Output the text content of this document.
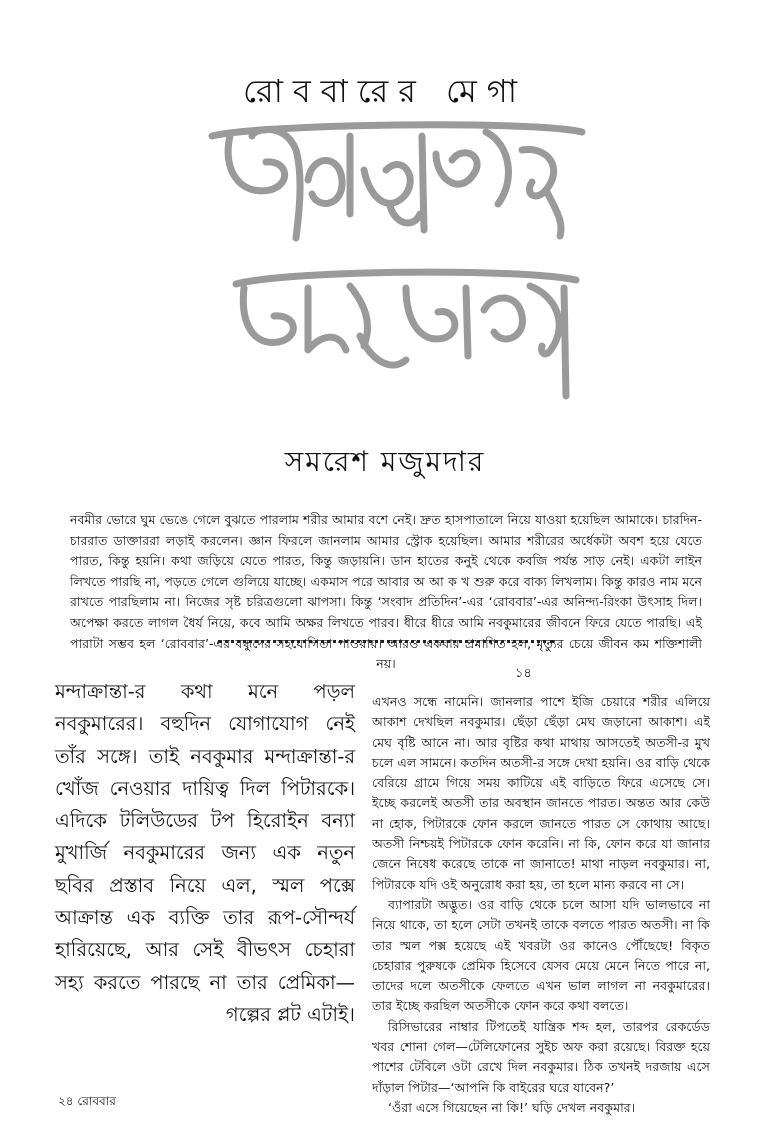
রোববারের মেগা
সমরেশ মজুমদার
নবমীর ভোরে ঘুম ভেঙে গেলে বুঝতে পারলাম শরীর আমার বশে নেই। দ্রুত হাসপাতালে নিয়ে যাওয়া হয়েছিল আমাকে। চারদিন-চাররাত ডাক্তাররা লড়াই করলেন। জ্ঞান ফিরলে জানলাম আমার স্ট্রোক হয়েছিল। আমার শরীরের অর্ধেকটা অবশ হয়ে যেতে পারত, কিন্তু হয়নি। কথা জড়িয়ে যেতে পারত, কিন্তু জড়ায়নি। ডান হাতের কনুই থেকে কবজি পর্যন্ত সাড় নেই। একটা লাইন লিখতে পারছি না, পড়তে গেলে গুলিয়ে যাচ্ছে। একমাস পরে আবার অ আ ক খ শুরু করে বাক্য লিখলাম। কিন্তু কারও নাম মনে রাখতে পারছিলাম না। নিজের সৃষ্ট চরিত্রগুলো ঝাপসা। কিন্তু ‘সংবাদ প্রতিদিন’-এর ‘রোববার’-এর অনিন্দ্য-রিংকা উৎসাহ দিল। অপেক্ষা করতে লাগল ধৈর্য নিয়ে, কবে আমি অক্ষর লিখতে পারব। ধীরে ধীরে আমি নবকুমারের জীবনে ফিরে যেতে পারছি। এই পারাটা সম্ভব হল ‘রোববার’-এর বন্ধুদের সহযোগিতা পাওয়ায়। আরও একবার প্রমাণিত হল, মৃত্যুর চেয়ে জীবন কম শক্তিশালী নয়।
মন্দাক্রান্তা-র কথা মনে পড়ল নবকুমারের। বহুদিন যোগাযোগ নেই তাঁর সঙ্গে। তাই নবকুমার মন্দাক্রান্তা-র খোঁজ নেওয়ার দায়িত্ব দিল পিটারকে। এদিকে টলিউডের টপ হিরোইন বন্যা মুখার্জি নবকুমারের জন্য এক নতুন ছবির প্রস্তাব নিয়ে এল, স্মল পক্সে আক্রান্ত এক ব্যক্তি তার রূপ-সৌন্দর্য হারিয়েছে, আর সেই বীভৎস চেহারা সহ্য করতে পারছে না তার প্রেমিকা—গল্পের প্লট এটাই।
১৪

এখনও সন্ধে নামেনি। জানলার পাশে ইজি চেয়ারে শরীর এলিয়ে আকাশ দেখছিল নবকুমার। ছেঁড়া ছেঁড়া মেঘ জড়ানো আকাশ। এই মেঘ বৃষ্টি আনে না। আর বৃষ্টির কথা মাথায় আসতেই অতসী-র মুখ চলে এল সামনে। কতদিন অতসী-র সঙ্গে দেখা হয়নি। ওর বাড়ি থেকে বেরিয়ে গ্রামে গিয়ে সময় কাটিয়ে এই বাড়িতে ফিরে এসেছে সে। ইচ্ছে করলেই অতসী তার অবস্থান জানতে পারত। অন্তত আর কেউ না হোক, পিটারকে ফোন করলে জানতে পারত সে কোথায় আছে। অতসী নিশ্চয়ই পিটারকে ফোন করেনি। না কি, ফোন করে যা জানার জেনে নিষেধ করেছে তাকে না জানাতে! মাথা নাড়ল নবকুমার। না, পিটারকে যদি ওই অনুরোধ করা হয়, তা হলে মান্য করবে না সে।

ব্যাপারটা অদ্ভুত। ওর বাড়ি থেকে চলে আসা যদি ভালভাবে না নিয়ে থাকে, তা হলে সেটা তখনই তাকে বলতে পারত অতসী। না কি তার স্মল পক্স হয়েছে এই খবরটা ওর কানেও পৌঁছেছে! বিকৃত চেহারার পুরুষকে প্রেমিক হিসেবে যেসব মেয়ে মেনে নিতে পারে না, তাদের দলে অতসীকে ফেলতে এখন ভাল লাগল না নবকুমারের। তার ইচ্ছে করছিল অতসীকে ফোন করে কথা বলতে।

রিসিভারের নাম্বার টিপতেই যান্ত্রিক শব্দ হল, তারপর রেকর্ডেড খবর শোনা গেল—টেলিফোনের সুইচ অফ করা রয়েছে। বিরক্ত হয়ে পাশের টেবিলে ওটা রেখে দিল নবকুমার। ঠিক তখনই দরজায় এসে দাঁড়াল পিটার—‘আপনি কি বাইরের ঘরে যাবেন?’

‘ওঁরা এসে গিয়েছেন না কি!’ ঘড়ি দেখল নবকুমার।

২৪ রোববার
